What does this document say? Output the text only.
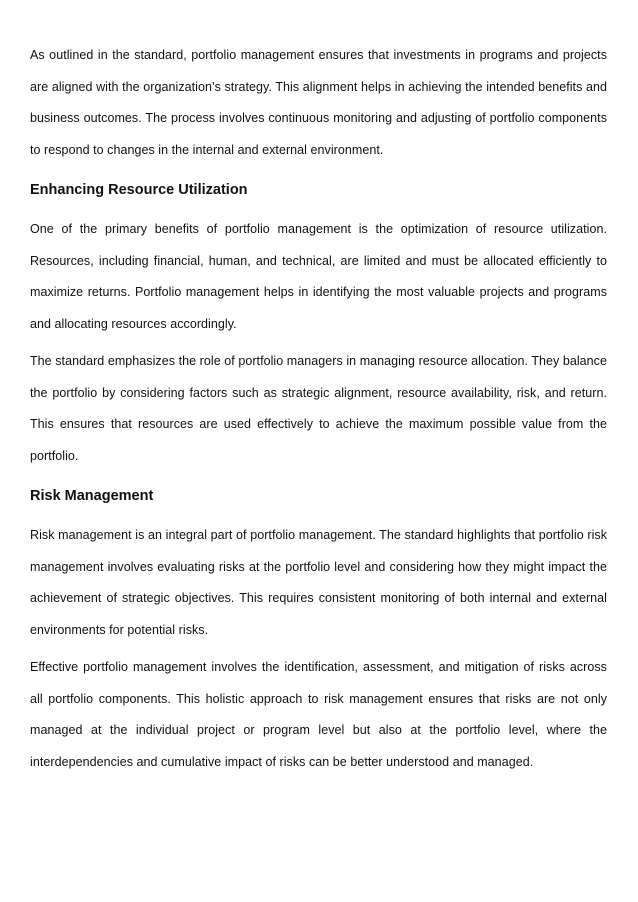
As outlined in the standard, portfolio management ensures that investments in programs and projects are aligned with the organization’s strategy. This alignment helps in achieving the intended benefits and business outcomes. The process involves continuous monitoring and adjusting of portfolio components to respond to changes in the internal and external environment.

Enhancing Resource Utilization

One of the primary benefits of portfolio management is the optimization of resource utilization. Resources, including financial, human, and technical, are limited and must be allocated efficiently to maximize returns. Portfolio management helps in identifying the most valuable projects and programs and allocating resources accordingly.

The standard emphasizes the role of portfolio managers in managing resource allocation. They balance the portfolio by considering factors such as strategic alignment, resource availability, risk, and return. This ensures that resources are used effectively to achieve the maximum possible value from the portfolio.

Risk Management

Risk management is an integral part of portfolio management. The standard highlights that portfolio risk management involves evaluating risks at the portfolio level and considering how they might impact the achievement of strategic objectives. This requires consistent monitoring of both internal and external environments for potential risks.

Effective portfolio management involves the identification, assessment, and mitigation of risks across all portfolio components. This holistic approach to risk management ensures that risks are not only managed at the individual project or program level but also at the portfolio level, where the interdependencies and cumulative impact of risks can be better understood and managed.
